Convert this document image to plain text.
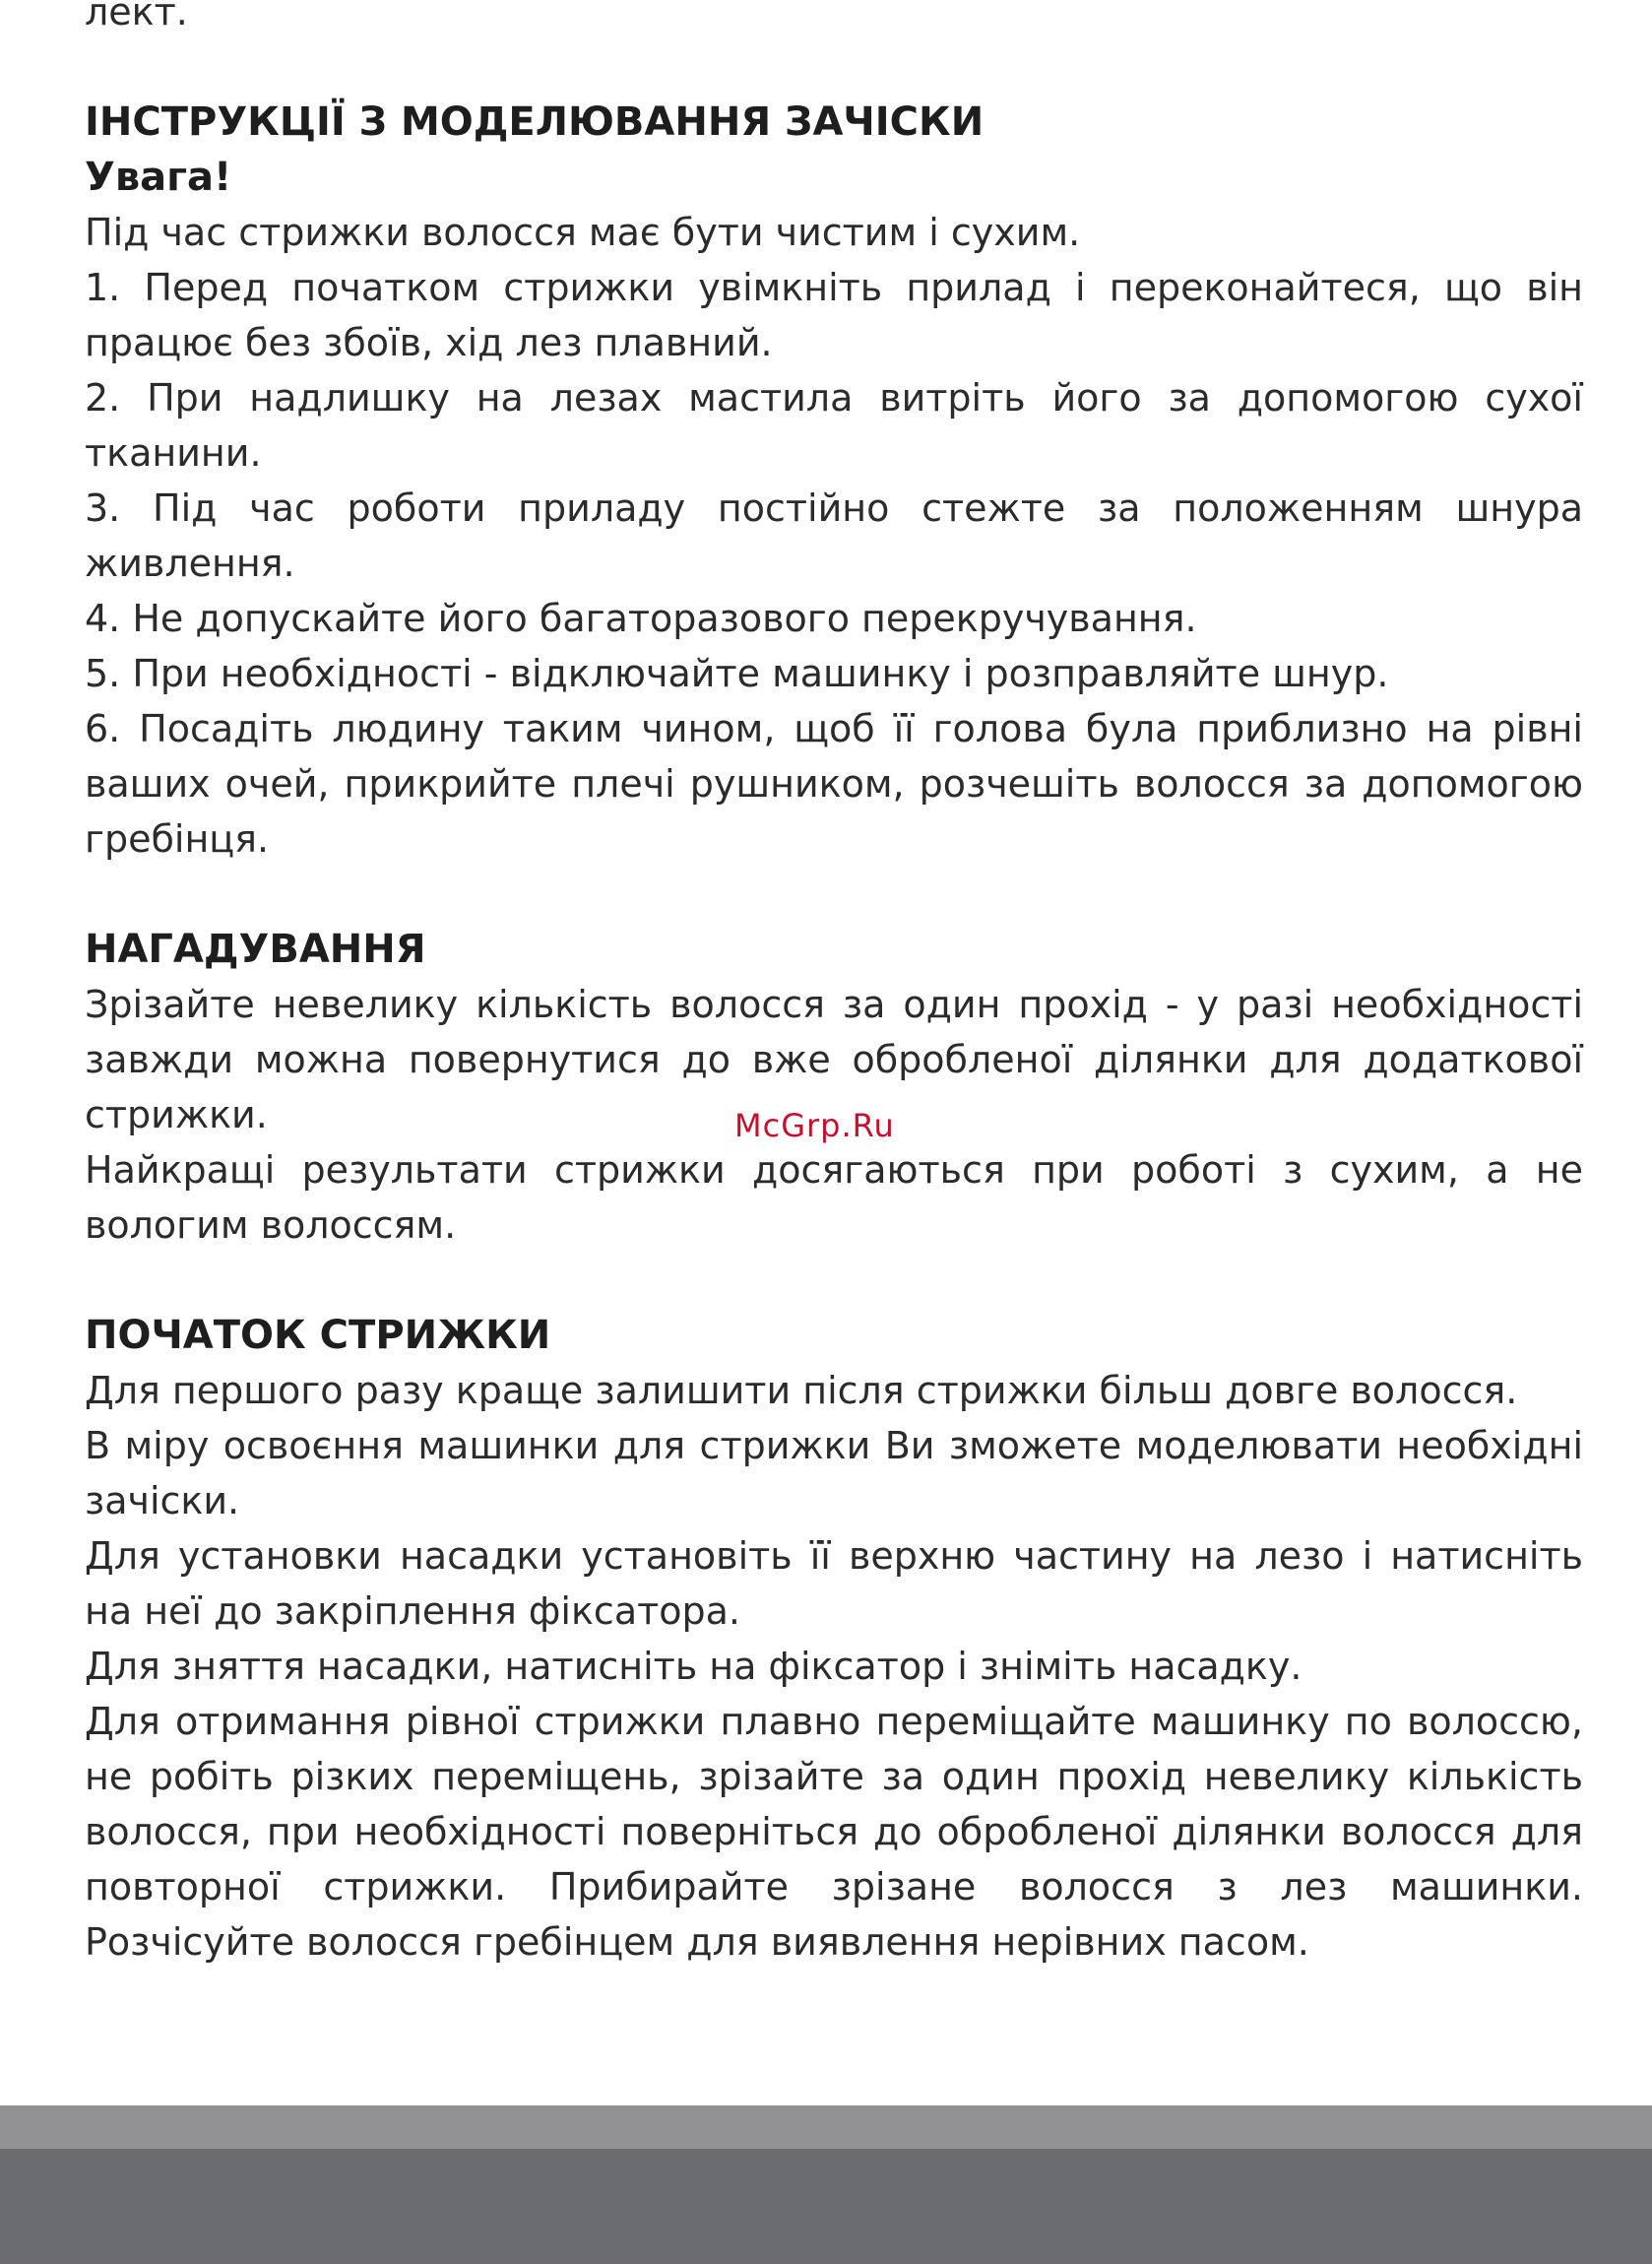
лект.

ІНСТРУКЦІЇ З МОДЕЛЮВАННЯ ЗАЧІСКИ
Увага!

Під час стрижки волосся має бути чистим і сухим.

1. Перед початком стрижки увімкніть прилад і переконайтеся, що він працює без збоїв, хід лез плавний.

2. При надлишку на лезах мастила витріть його за допомогою сухої тканини.

3. Під час роботи приладу постійно стежте за положенням шнура живлення.

4. Не допускайте його багаторазового перекручування.

5. При необхідності - відключайте машинку і розправляйте шнур.

6. Посадіть людину таким чином, щоб її голова була приблизно на рівні ваших очей, прикрийте плечі рушником, розчешіть волосся за допомогою гребінця.

НАГАДУВАННЯ

Зрізайте невелику кількість волосся за один прохід - у разі необхідності завжди можна повернутися до вже обробленої ділянки для додаткової стрижки.

Найкращі результати стрижки досягаються при роботі з сухим, а не вологим волоссям.

ПОЧАТОК СТРИЖКИ

Для першого разу краще залишити після стрижки більш довге волосся.

В міру освоєння машинки для стрижки Ви зможете моделювати необхідні зачіски.

Для установки насадки установіть її верхню частину на лезо і натисніть на неї до закріплення фіксатора.

Для зняття насадки, натисніть на фіксатор і зніміть насадку.

Для отримання рівної стрижки плавно переміщайте машинку по волоссю, не робіть різких переміщень, зрізайте за один прохід невелику кількість волосся, при необхідності поверніться до обробленої ділянки волосся для повторної стрижки. Прибирайте зрізане волосся з лез машинки. Розчісуйте волосся гребінцем для виявлення нерівних пасом.

McGrp.Ru
